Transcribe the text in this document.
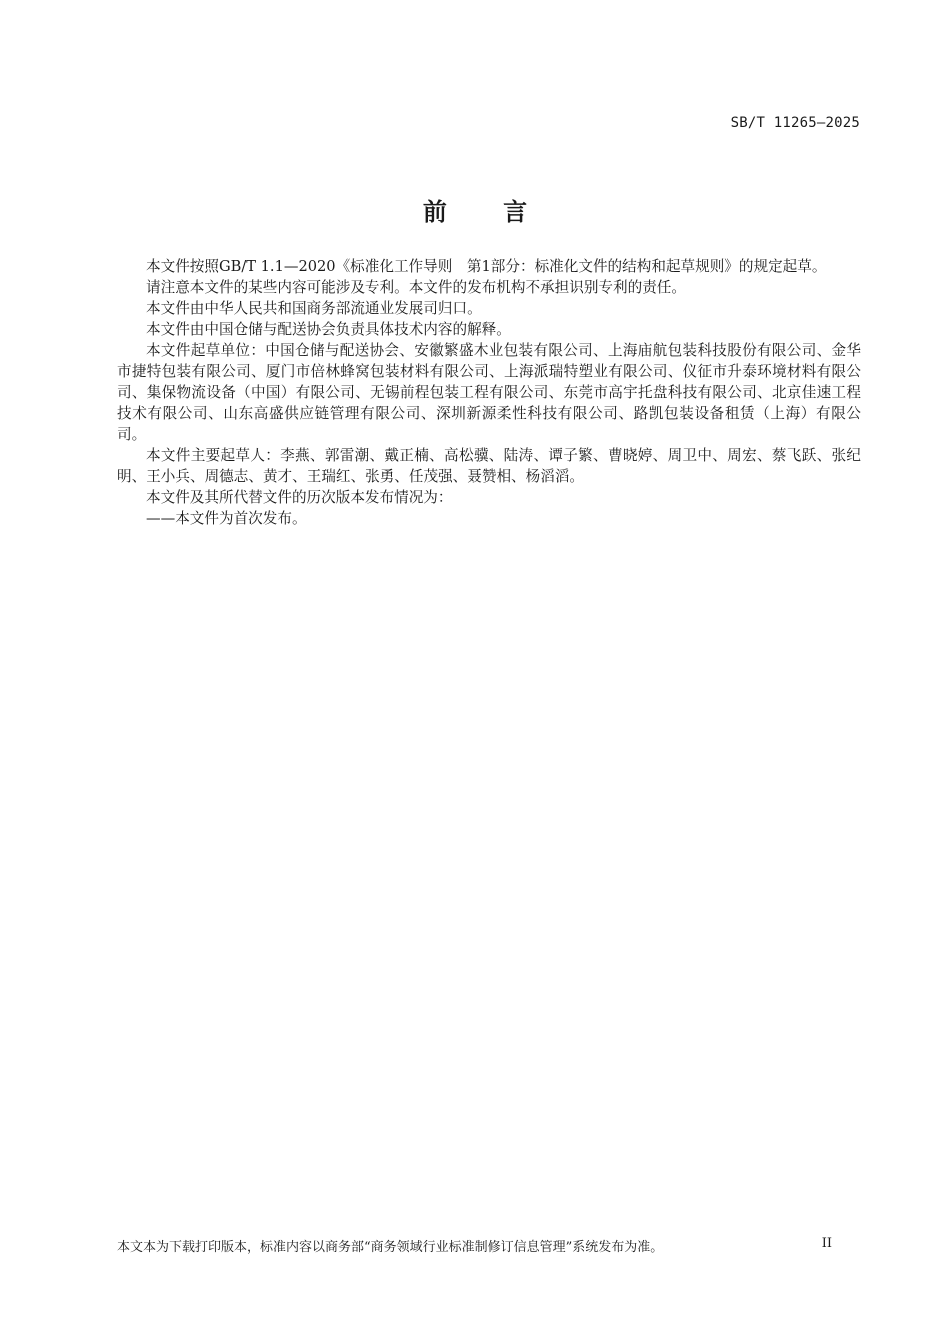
SB/T 11265—2025
前 言

本文件按照GB/T 1.1—2020《标准化工作导则　第1部分：标准化文件的结构和起草规则》的规定起草。

请注意本文件的某些内容可能涉及专利。本文件的发布机构不承担识别专利的责任。

本文件由中华人民共和国商务部流通业发展司归口。

本文件由中国仓储与配送协会负责具体技术内容的解释。

本文件起草单位：中国仓储与配送协会、安徽繁盛木业包装有限公司、上海庙航包装科技股份有限公司、金华市捷特包装有限公司、厦门市倍林蜂窝包装材料有限公司、上海派瑞特塑业有限公司、仪征市升泰环境材料有限公司、集保物流设备（中国）有限公司、无锡前程包装工程有限公司、东莞市高宇托盘科技有限公司、北京佳速工程技术有限公司、山东高盛供应链管理有限公司、深圳新源柔性科技有限公司、路凯包装设备租赁（上海）有限公司。

本文件主要起草人：李燕、郭雷潮、戴正楠、高松骥、陆涛、谭子繁、曹晓婷、周卫中、周宏、蔡飞跃、张纪明、王小兵、周德志、黄才、王瑞红、张勇、任茂强、聂赞相、杨滔滔。

本文件及其所代替文件的历次版本发布情况为：

——本文件为首次发布。

本文本为下载打印版本，标准内容以商务部“商务领域行业标准制修订信息管理”系统发布为准。	II
